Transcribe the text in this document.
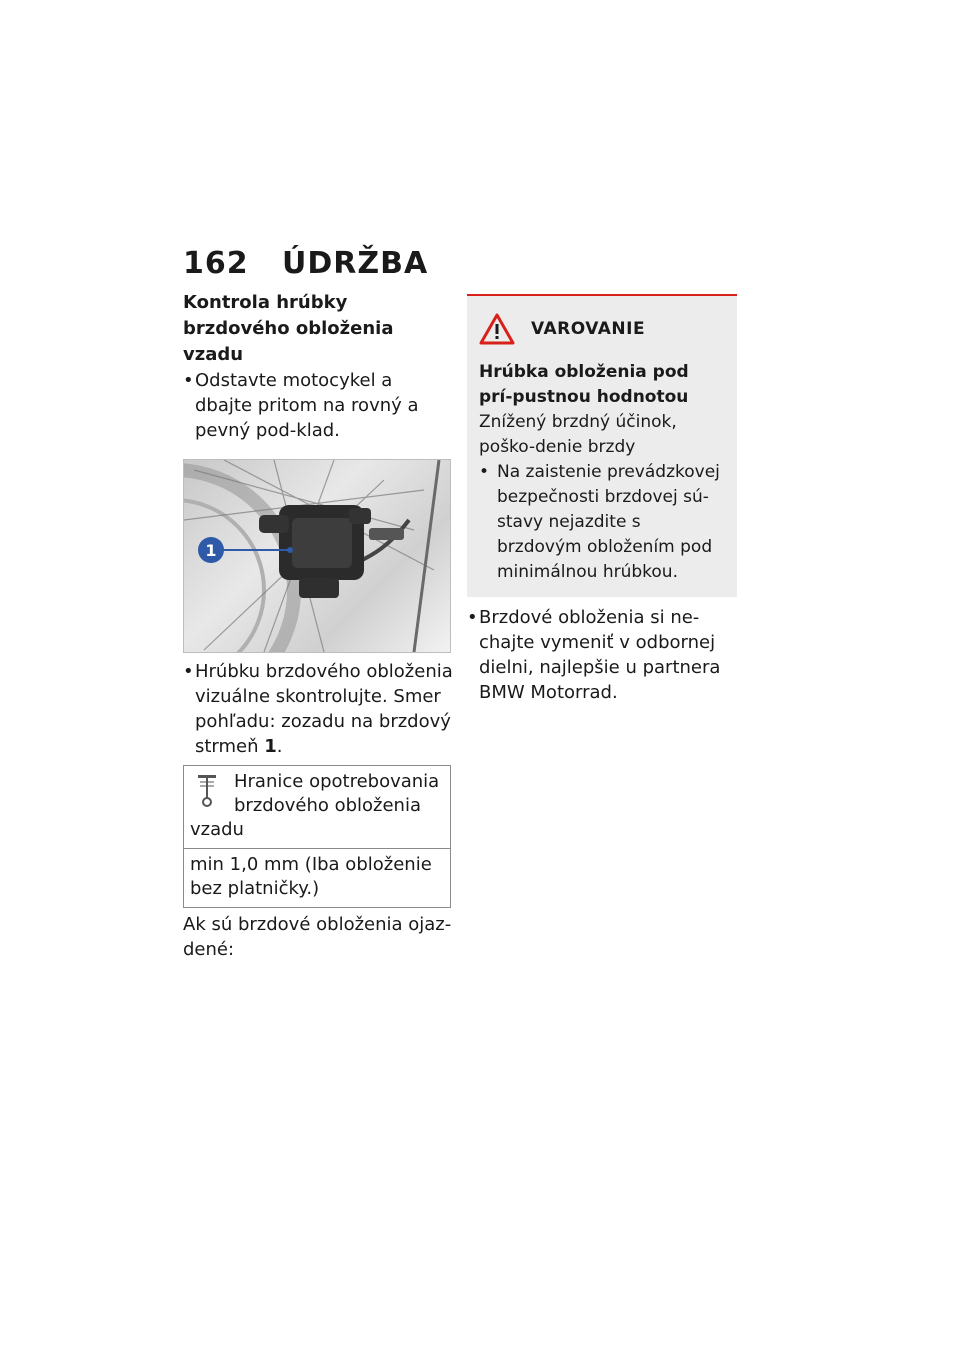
162 ÚDRŽBA
Kontrola hrúbky brzdového obloženia vzadu
• Odstavte motocykel a dbajte pritom na rovný a pevný pod-klad.
1
• Hrúbku brzdového obloženia vizuálne skontrolujte. Smer pohľadu: zozadu na brzdový strmeň 1.
Hranice opotrebovania
brzdového obloženia
vzadu
min 1,0 mm (Iba obloženie bez platničky.)
Ak sú brzdové obloženia ojaz-dené:
VAROVANIE
Hrúbka obloženia pod prí-pustnou hodnotou
Znížený brzdný účinok, poško-denie brzdy
• Na zaistenie prevádzkovej bezpečnosti brzdovej sú-stavy nejazdite s brzdovým obložením pod minimálnou hrúbkou.
• Brzdové obloženia si ne-chajte vymeniť v odbornej dielni, najlepšie u partnera BMW Motorrad.
